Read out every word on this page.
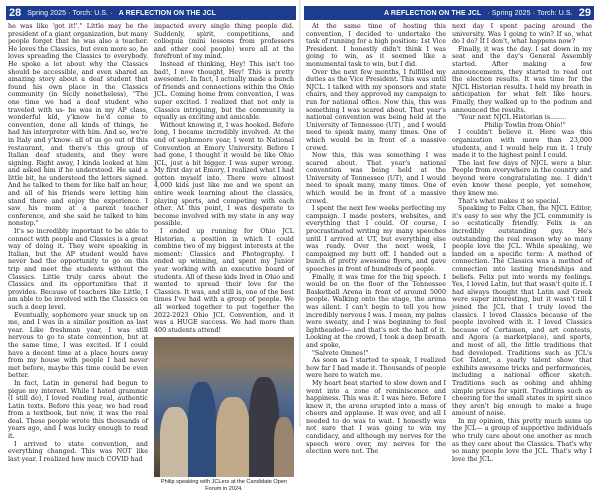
28 Spring 2025 · Torch: U.S. · A REFLECTION ON THE JCL

he was like 'got it!'." Little may be the president of a giant organization, but many people forget that he was also a teacher. He loves the Classics, but even more so, he loves spreading the Classics to everybody. He spoke a lot about why the Classics should be accessible, and even shared an amazing story about a deaf student that found his own place in the Classics community (in Sicily nonetheless), "The one time we had a deaf student who traveled with us- he was in my AP class, wonderful kid, y'know he'd come to convention, done all kinds of things, he had his interpreter with him. And so, we're in Italy and y'know- all of us go out of this restaurant, and there's this group of Italian deaf students, and they were signing. Right away, I kinda looked at him and asked him if he understood. He said a little bit, he understood the letters signed. And he talked to them for like half an hour, and all of his friends were letting him stand there and enjoy the experience. I saw his mom at a parent teacher conference, and she said he talked to him nonstop."

It's so incredibly important to be able to connect with people and Classics is a great way of doing it. They were speaking in Italian, but the AP student would have never had the opportunity to go on this trip and meet the students without the Classics. Little truly cares about the Classics and its opportunities that it provides. Because of teachers like Little, I am able to be involved with the Classics on such a deep level.

Eventually, sophomore year snuck up on me, and I was in a similar position as last year. Like freshman year, I was still nervous to go to state convention, but at the same time, I was excited. If I could have a decent time at a place hours away from my house with people I had never met before, maybe this time could be even better.

In fact, Latin in general had begun to pique my interest. While I hated grammar (I still do), I loved reading real, authentic Latin texts. Before this year, we had read from a textbook, but now, it was the real deal. These people wrote this thousands of years ago, and I was lucky enough to read it.

I arrived to state convention, and everything changed. This was NOT like last year. I realized how much COVID had

impacted every single thing people did. Suddenly, spirit, competitions, and colloquia (mini lessons from professors and other cool people) were all at the forefront of my mind.

Instead of thinking, Hey! This isn't too bad!, I now thought, Hey! This is pretty awesome!. In fact, I actually made a bunch of friends and connections within the Ohio JCL. Coming home from convention, I was super excited. I realized that not only is Classics intriguing, but the community is equally as exciting and amicable.

Without knowing it, I was hooked. Before long, I became incredibly involved. At the end of sophomore year, I went to National Convention at Emory University. Before I had gone, I thought it would be like Ohio JCL, just a bit bigger. I was super wrong. My first day at Emory, I realized what I had gotten myself into. There were almost 4,000 kids just like me and we spent an entire week learning about the classics, playing sports, and competing with each other. At this point, I was desperate to become involved with my state in any way possible.

I ended up running for Ohio JCL Historian, a position in which I could combine two of my biggest interests at the moment: Classics and Photography. I ended up winning, and spent my Junior year working with an executive board of students. All of these kids lived in Ohio and wanted to spread their love for the Classics. It was, and still is, one of the best times I've had with a group of people. We all worked together to put together the 2022-2023 Ohio JCL Convention, and it was a HUGE success. We had more than 400 students attend!

Philip speaking with JCLers at the Candidate Open Forum in 2024.
A REFLECTION ON THE JCL · Spring 2025 · Torch: U.S. 29

At the same time of hosting this convention, I decided to undertake the task of running for a high position: 1st Vice President. I honestly didn't think I was going to win, as it seemed like a monumental task to win, but I did.

Over the next few months, I fulfilled my duties as the Vice President. This was until NJCL. I talked with my sponsors and state chairs, and they approved my campaign to run for national office. Now this, this was something I was scared about. That year's national convention was being held at the University of Tennessee (UT) , and I would need to speak many, many times. One of which would be in front of a massive crowd.

Now this, this was something I was scared about. That year's national convention was being held at the University of Tennessee (UT), and I would need to speak many, many times. One of which would be in front of a massive crowd.

I spent the next few weeks perfecting my campaign. I made posters, websites, and everything that I could. Of course, I procrastinated writing my many speeches until I arrived at UT, but everything else was ready. Over the next week, I campaigned my butt off. I handed out a bunch of pretty awesome flyers, and gave speeches in front of hundreds of people.

Finally, it was time for the big speech. I would be on the floor of the Tennessee Basketball Arena in front of around 5000 people. Walking onto the stage, the arena was silent. I can't begin to tell you how incredibly nervous I was. I mean, my palms were sweaty, and I was beginning to feel lightheaded— and that's not the half of it. Looking at the crowd, I took a deep breath and spoke,

"Salvete Omnes!"

As soon as I started to speak, I realized how far I had made it. Thousands of people were here to watch me.

My heart beat started to slow down and I went into a zone of reminiscence and happiness. This was it. I was here. Before I knew it, the arena erupted into a mass of cheers and applause. It was over, and all I needed to do was to wait. I honestly was not sure that I was going to win my candidacy, and although my nerves for the speech were over, my nerves for the election were not. The

next day I spent pacing around the university. Was I going to win? If so, what do I do? If I don't, what happens now?

Finally, it was the day. I sat down in my seat and the day's General Assembly started. After making a few announcements, they started to read out the election results. It was time for the NJCL Historian results. I held my breath in anticipation for what felt like hours. Finally, they walked up to the podium and announced the results.

"Your next NJCL Historian is........

Philip Towlin from Ohio!"

I couldn't believe it. Here was this organization with more than 23,000 students, and I would help run it. I truly made it to the highest point I could.

The last few days of NJCL were a blur. People from everywhere in the country and beyond were congratulating me. I didn't even know these people, yet somehow, they knew me.

That's what makes it so special.

Speaking to Felix Chen, the NJCL Editor, it's easy to see why the JCL community is so ecstatically friendly. Felix is an incredibly outstanding guy. He's outstanding the real reason why so many people love the JCL. While speaking, we landed on a specific term: A method of connection. The Classics was a method of connection into lasting friendships and beliefs. Felix put into words my feelings. Yes, I loved Latin, but that wasn't quite it. I had always thought that Latin and Greek were super interesting, but it wasn't till I joined the JCL that I truly loved the classics. I loved Classics because of the people involved with it. I loved Classics because of Certamen, and art contests, and Agora (a marketplace), and sports, and most of all, the little traditions that had developed. Traditions such as JCL's Got Talent, a yearly talent show that exhibits awesome tricks and performances, including a national officer sketch. Traditions such as oohing and ahhing simple prizes for spirit. Traditions such as cheering for the small states in spirit since they aren't big enough to make a huge amount of noise.

In my opinion, this pretty much sums up the JCL— a group of supportive individuals who truly care about one another as much as they care about the Classics. That's why so many people love the JCL. That's why I love the JCL.
